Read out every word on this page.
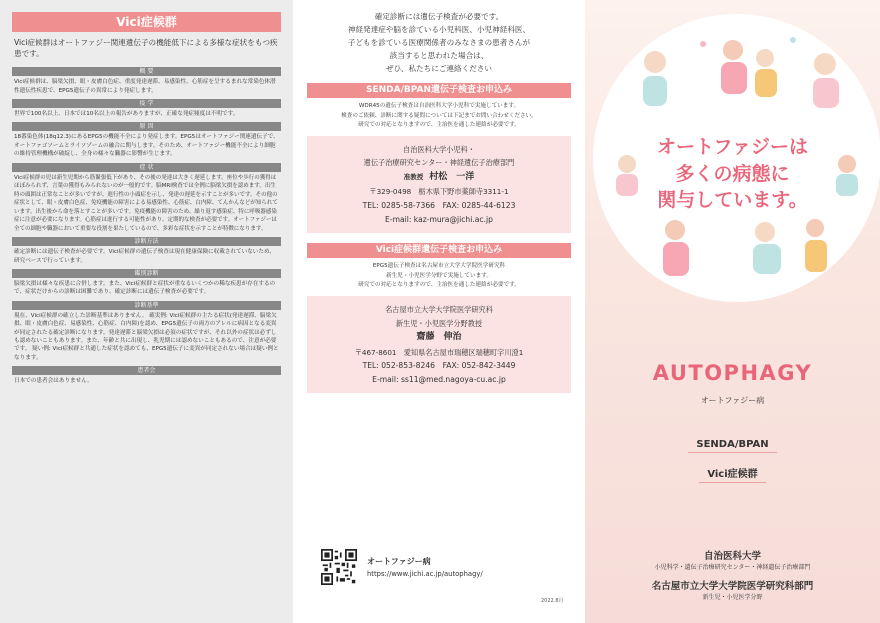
Vici症候群
Vici症候群はオートファジー関連遺伝子の機能低下による多様な症状をもつ疾患です。
概 要
Vici症候群は、脳梁欠損、眼・皮膚白色症、重度発達遅滞、易感染性、心筋症を呈するまれな常染色体潜性遺伝性疾患で、EPG5遺伝子の異常により発症します。
疫 学
世界で100名以上、日本では10名以上の報告がありますが、正確な発症頻度は不明です。
原 因
18番染色体(18q12.3)にあるEPG5の機能不全により発症します。EPG5はオートファジー関連遺伝子で、オートファゴソームとライソゾームの融合に関与します。そのため、オートファジー機能不全により細胞の維持管理機構が破綻し、全身の様々な臓器に影響が生じます。
症 状
Vici症候群の児は新生児期から筋緊張低下があり、その後の発達は大きく遅延します。座位や歩行の獲得はほぼみられず、言葉の獲得もみられないのが一般的です。脳MRI検査では全例に脳梁欠損を認めます。出生時の頭囲は正常なことが多いですが、進行性の小頭症を示し、発達の遅延を示すことが多いです。その他の症状として、眼・皮膚白色症、免疫機能の障害による易感染性、心筋症、白内障、てんかんなどが知られています。出生後から命を落とすことが多いです。免疫機能の障害のため、繰り返す感染症、特に呼吸器感染症に注意が必要になります。心筋症は進行する可能性があり、定期的な検査が必要です。オートファジーは全ての細胞や臓器において重要な役割を果たしているので、多彩な症状を示すことが特徴になります。
診断方法
確定診断には遺伝子検査が必要です。Vici症候群の遺伝子検査は現在健康保険に収載されていないため、研究ベースで行っています。
鑑別診断
脳梁欠損は様々な疾患に合併します。また、Vici症候群と症状が重なるいくつかの稀な疾患が存在するので、症状だけからの診断は困難であり、確定診断には遺伝子検査が必要です。
診断基準
現在、Vici症候群の確立した診断基準はありません。 確実例: Vici症候群の主たる症状(発達遅滞、脳梁欠損、眼・皮膚白色症、易感染性、心筋症、白内障)を認め、EPG5遺伝子の両方のアレルに病因となる変異が同定されたる確定診断になります。発達遅滞と脳梁欠損は必須の症状ですが、それ以外の症状は必ずしも認めないこともあります。また、年齢と共に出現し、乳児期には認めないこともあるので、注意が必要です。 疑い例: Vici症候群と共通した症状を認めても、EPG5遺伝子に変異が同定されない場合は疑い例となります。
患者会
日本での患者会はありません。
確定診断には遺伝子検査が必要です。
神経発達症や脳を診ている小児科医、小児神経科医、
子どもを診ている医療関係者のみなさまの患者さんが
該当すると思われた場合は、
ぜひ、私たちにご連絡ください
SENDA/BPAN遺伝子検査お申込み
WDR45の遺伝子検査は自治医科大学小児科で実施しています。
検査のご依頼、診断に関する疑問については下記までお問い合わせください。
研究での対応となりますので、主治医を通した連絡が必要です。
自治医科大学小児科・
遺伝子治療研究センター・神経遺伝子治療部門
准教授 村松　一洋
〒329-0498　栃木県下野市薬師寺3311-1
TEL: 0285-58-7366　FAX: 0285-44-6123
E-mail: kaz-mura@jichi.ac.jp
Vici症候群遺伝子検査お申込み
EPG5遺伝子検査は名古屋市立大学大学院医学研究科
新生児・小児医学分野で実施しています。
研究での対応となりますので、主治医を通した連絡が必要です。
名古屋市立大学大学院医学研究科
新生児・小児医学分野教授
齋藤　伸治
〒467-8601　愛知県名古屋市瑞穂区瑞穂町字川澄1
TEL: 052-853-8246　FAX: 052-842-3449
E-mail: ss11@med.nagoya-cu.ac.jp
オートファジー病
https://www.jichi.ac.jp/autophagy/
2022.8月
オートファジーは
多くの病態に
関与しています。
AUTOPHAGY
オートファジー病
SENDA/BPAN
Vici症候群
自治医科大学
小児科学・遺伝子治療研究センター・神経遺伝子治療部門
名古屋市立大学大学院医学研究科部門
新生児・小児医学分野
